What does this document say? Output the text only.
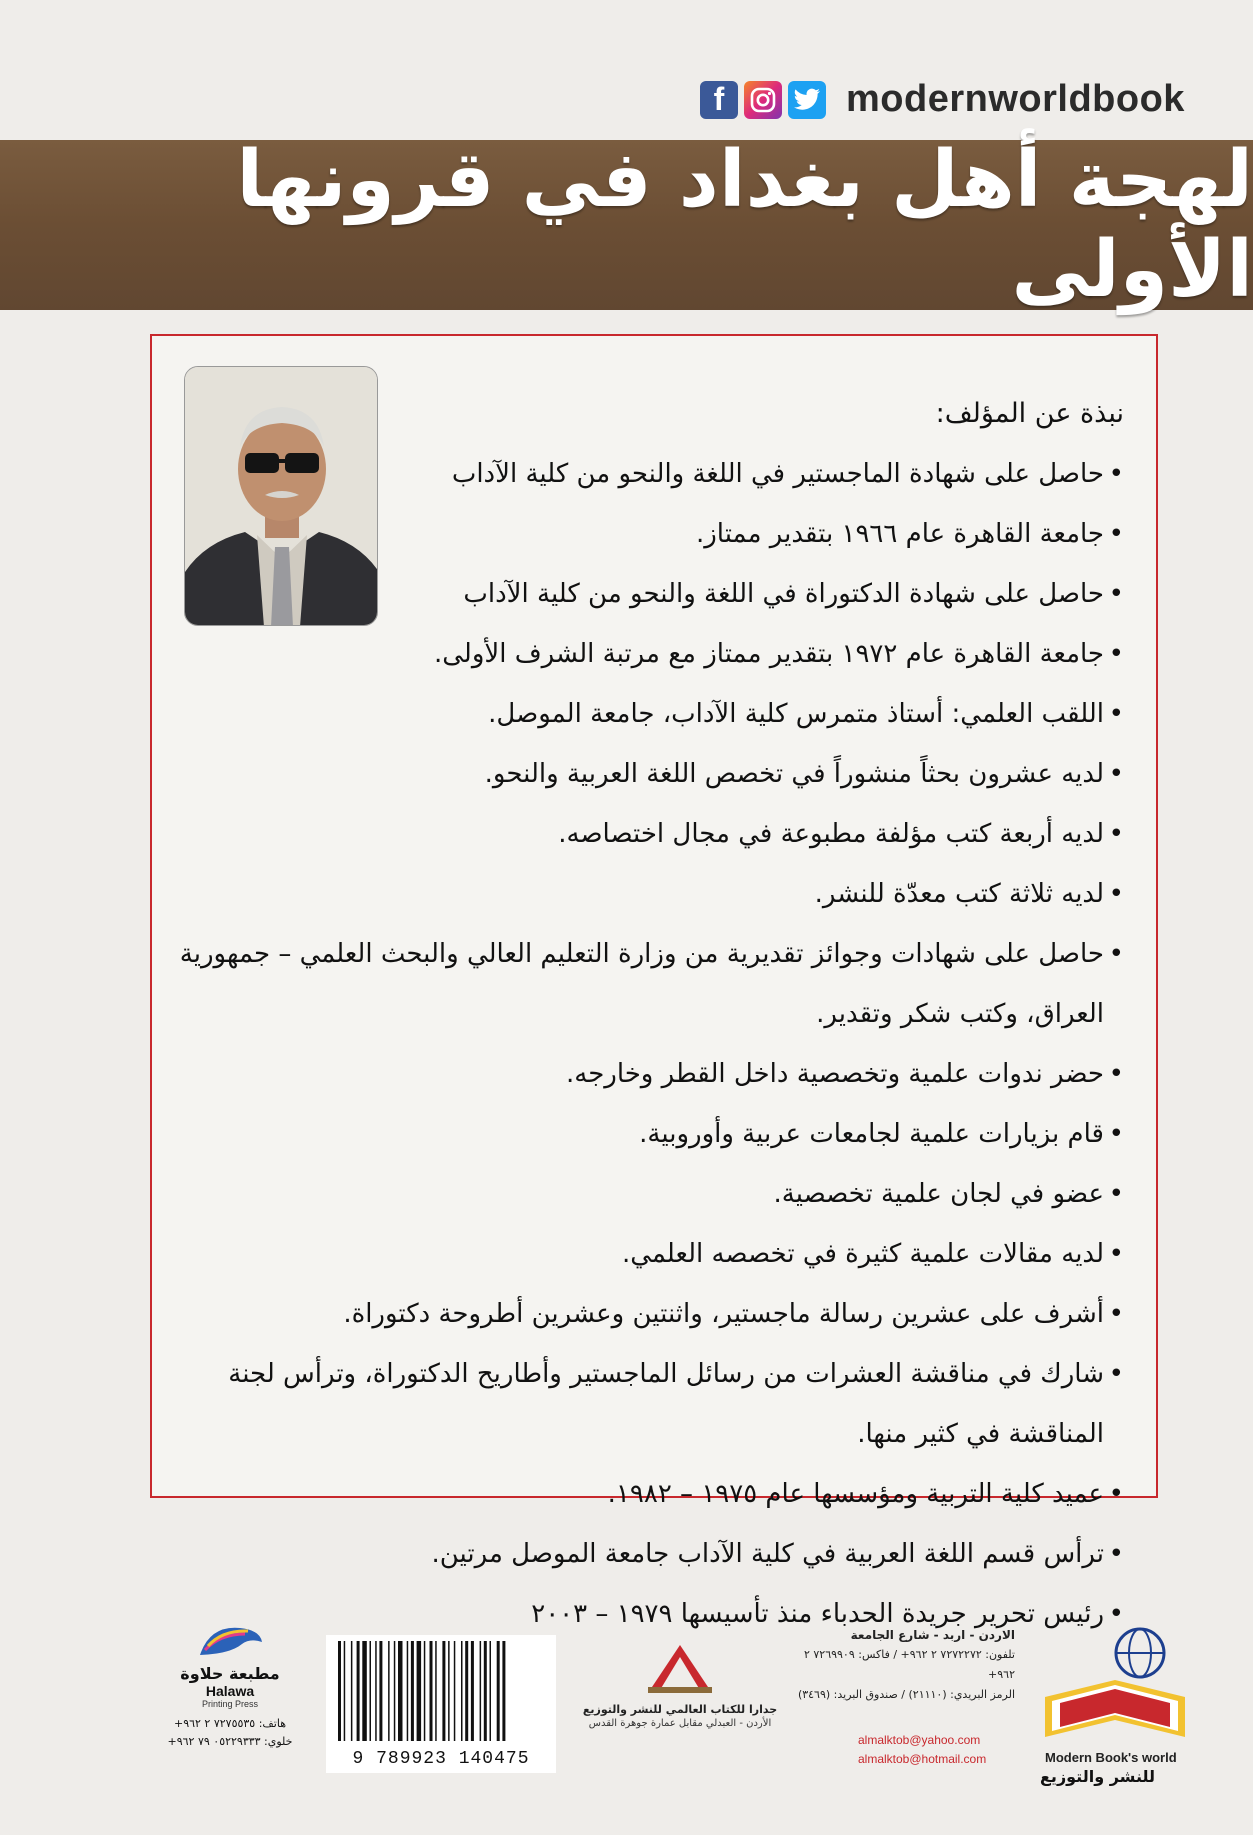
f	modernworldbook
لهجة أهل بغداد في قرونها الأولى
نبذة عن المؤلف:
• حاصل على شهادة الماجستير في اللغة والنحو من كلية الآداب
• جامعة القاهرة عام ١٩٦٦ بتقدير ممتاز.
• حاصل على شهادة الدكتوراة في اللغة والنحو من كلية الآداب
• جامعة القاهرة عام ١٩٧٢ بتقدير ممتاز مع مرتبة الشرف الأولى.
• اللقب العلمي: أستاذ متمرس كلية الآداب، جامعة الموصل.
• لديه عشرون بحثاً منشوراً في تخصص اللغة العربية والنحو.
• لديه أربعة كتب مؤلفة مطبوعة في مجال اختصاصه.
• لديه ثلاثة كتب معدّة للنشر.
• حاصل على شهادات وجوائز تقديرية من وزارة التعليم العالي والبحث العلمي – جمهورية العراق، وكتب شكر وتقدير.
• حضر ندوات علمية وتخصصية داخل القطر وخارجه.
• قام بزيارات علمية لجامعات عربية وأوروبية.
• عضو في لجان علمية تخصصية.
• لديه مقالات علمية كثيرة في تخصصه العلمي.
• أشرف على عشرين رسالة ماجستير، واثنتين وعشرين أطروحة دكتوراة.
• شارك في مناقشة العشرات من رسائل الماجستير وأطاريح الدكتوراة، وترأس لجنة المناقشة في كثير منها.
• عميد كلية التربية ومؤسسها عام ١٩٧٥ – ١٩٨٢.
• ترأس قسم اللغة العربية في كلية الآداب جامعة الموصل مرتين.
• رئيس تحرير جريدة الحدباء منذ تأسيسها ١٩٧٩ – ٢٠٠٣
Modern Book's world
للنشر والتوزيع
الاردن - اربد - شارع الجامعة
تلفون: ٧٢٧٢٢٧٢ ٢ ٩٦٢+ / فاكس: ٧٢٦٩٩٠٩ ٢ ٩٦٢+
الرمز البريدي: (٢١١١٠) / صندوق البريد: (٣٤٦٩)
almalktob@yahoo.com
almalktob@hotmail.com
جدارا للكتاب العالمي للنشر والتوزيع
الأردن - العبدلي مقابل عمارة جوهرة القدس
9 789923 140475
مطبعة حلاوة
Halawa
Printing Press
هاتف: ٧٢٧٥٥٣٥ ٢ ٩٦٢+
خلوي: ٠٥٢٢٩٣٣٣ ٧٩ ٩٦٢+
